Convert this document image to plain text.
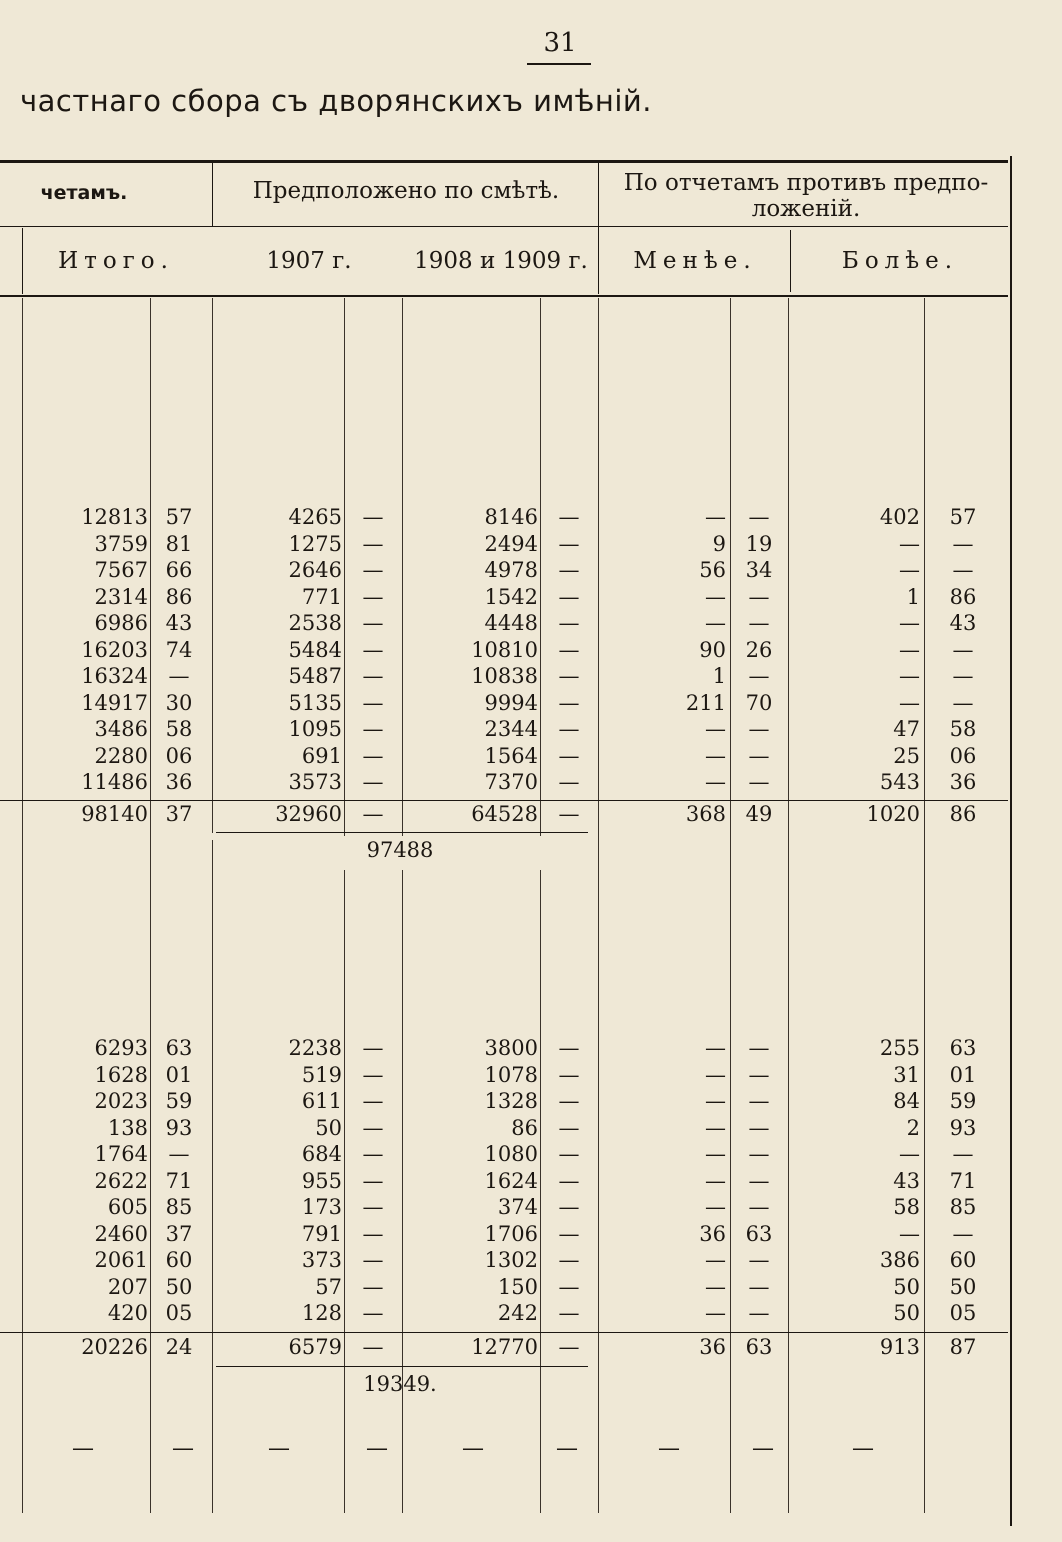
31
частнаго сбора съ дворянскихъ имѣній.
четамъ.	Предположено по смѣтѣ.	По отчетамъ противъ предпо-
ложеній.
Итого.	1907 г.	1908 и 1909 г.	Менѣе.	Болѣе.
12813 57	4265 —	8146 —	—	—	402	57
3759 81	1275 —	2494 —	9 19	—	—
7567 66	2646 —	4978 —	56 34	—	—
2314 86	771 —	1542 —	—	—	1	86
6986 43	2538 —	4448 —	—	—	—	43
16203 74	5484 —	10810 —	90 26	—	—
16324 —	5487 —	10838 —	1	—	—	—
14917 30	5135 —	9994 —	211 70	—	—
3486 58	1095 —	2344 —	—	—	47	58
2280 06	691 —	1564 —	—	—	25	06
11486 36	3573 —	7370 —	—	—	543	36
98140 37	32960 —	64528 —	368 49	1020	86
97488
6293 63	2238 —	3800 —	—	—	255	63
1628 01	519 —	1078 —	—	—	31	01
2023 59	611 —	1328 —	—	—	84	59
138 93	50 —	86 —	—	—	2	93
1764 —	684 —	1080 —	—	—	—	—
2622 71	955 —	1624 —	—	—	43	71
605 85	173 —	374 —	—	—	58	85
2460 37	791 —	1706 —	36 63	—	—
2061 60	373 —	1302 —	—	—	386	60
207 50	57 —	150 —	—	—	50	50
420 05	128 —	242 —	—	—	50	05
20226 24	6579 —	12770 —	36 63	913	87
19349.
—	—	—	—	—	—	—	—	—
